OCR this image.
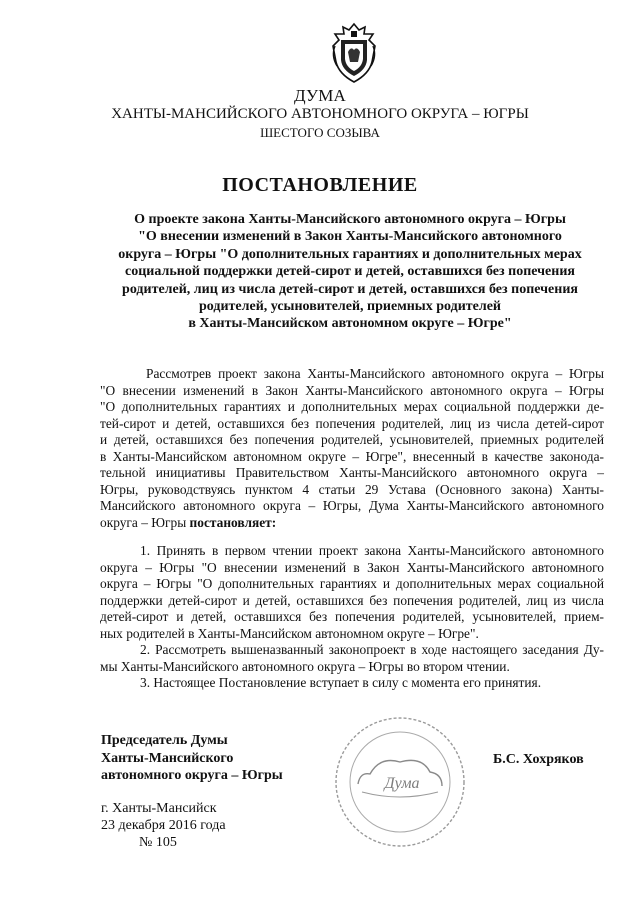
ДУМА
ХАНТЫ-МАНСИЙСКОГО АВТОНОМНОГО ОКРУГА – ЮГРЫ
ШЕСТОГО СОЗЫВА
ПОСТАНОВЛЕНИЕ
О проекте закона Ханты-Мансийского автономного округа – Югры
"О внесении изменений в Закон Ханты-Мансийского автономного
округа – Югры "О дополнительных гарантиях и дополнительных мерах
социальной поддержки детей-сирот и детей, оставшихся без попечения
родителей, лиц из числа детей-сирот и детей, оставшихся без попечения
родителей, усыновителей, приемных родителей
в Ханты-Мансийском автономном округе – Югре"
Рассмотрев проект закона Ханты-Мансийского автономного округа – Югры
"О внесении изменений в Закон Ханты-Мансийского автономного округа – Югры
"О дополнительных гарантиях и дополнительных мерах социальной поддержки де-
тей-сирот и детей, оставшихся без попечения родителей, лиц из числа детей-сирот
и детей, оставшихся без попечения родителей, усыновителей, приемных родителей
в Ханты-Мансийском автономном округе – Югре", внесенный в качестве законода-
тельной инициативы Правительством Ханты-Мансийского автономного округа –
Югры, руководствуясь пунктом 4 статьи 29 Устава (Основного закона) Ханты-
Мансийского автономного округа – Югры, Дума Ханты-Мансийского автономного
округа – Югры постановляет:
1. Принять в первом чтении проект закона Ханты-Мансийского автономного
округа – Югры "О внесении изменений в Закон Ханты-Мансийского автономного
округа – Югры "О дополнительных гарантиях и дополнительных мерах социальной
поддержки детей-сирот и детей, оставшихся без попечения родителей, лиц из числа
детей-сирот и детей, оставшихся без попечения родителей, усыновителей, прием-
ных родителей в Ханты-Мансийском автономном округе – Югре".
2. Рассмотреть вышеназванный законопроект в ходе настоящего заседания Ду-
мы Ханты-Мансийского автономного округа – Югры во втором чтении.
3. Настоящее Постановление вступает в силу с момента его принятия.
Председатель Думы
Ханты-Мансийского
автономного округа – Югры	Дума
Б.С. Хохряков
г. Ханты-Мансийск
23 декабря 2016 года
№ 105
